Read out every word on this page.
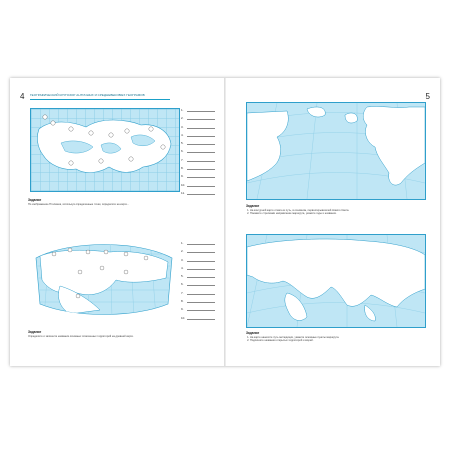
4 ГЕОГРАФИЧЕСКИЙ КРУГОЗОР АНТИЧНЫХ И СРЕДНЕВЕКОВЫХ ГЕОГРАФОВ
1.
2.
3.
4.
5.
6.
7.
8.
9.
10.
11.
Задание
По изображению Птолемея, используя определенные точки, определите на карте...
1.
2.
3.
4.
5.
6.
7.
8.
9.
10.
Задание
Определите и запишите названия основных отмеченных территорий на древней карте.
5
Задание
1. На контурной карте отметьте путь, в основном, первооткрывателей Нового Света.
2. Покажите стрелками направление маршрута, укажите годы и названия.
Задание
1. На карте нанесите путь экспедиции, укажите основные пункты маршрута.
2. Подпишите названия открытых территорий и морей.
